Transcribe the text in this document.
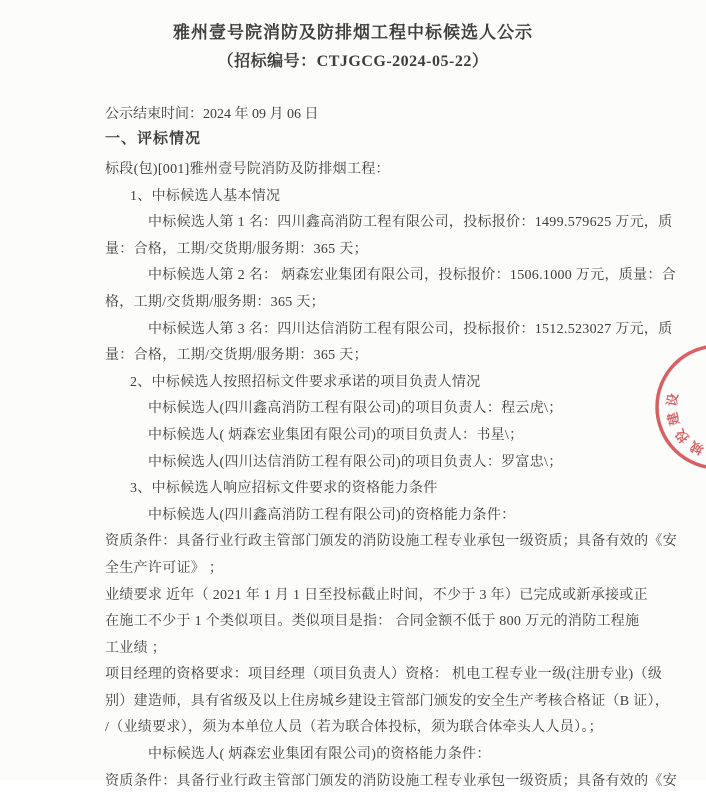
雅州壹号院消防及防排烟工程中标候选人公示
（招标编号：CTJGCG-2024-05-22）
公示结束时间：2024 年 09 月 06 日
一、评标情况
标段(包)[001]雅州壹号院消防及防排烟工程：
1、中标候选人基本情况
中标候选人第 1 名：四川鑫高消防工程有限公司，投标报价：1499.579625 万元，质
量：合格，工期/交货期/服务期：365 天；
中标候选人第 2 名： 炳森宏业集团有限公司，投标报价：1506.1000 万元，质量：合
格，工期/交货期/服务期：365 天；
中标候选人第 3 名：四川达信消防工程有限公司，投标报价：1512.523027 万元，质
量：合格，工期/交货期/服务期：365 天；
2、中标候选人按照招标文件要求承诺的项目负责人情况
中标候选人(四川鑫高消防工程有限公司)的项目负责人：程云虎\；
中标候选人( 炳森宏业集团有限公司)的项目负责人：书星\；
中标候选人(四川达信消防工程有限公司)的项目负责人：罗富忠\；
3、中标候选人响应招标文件要求的资格能力条件
中标候选人(四川鑫高消防工程有限公司)的资格能力条件：
资质条件：具备行业行政主管部门颁发的消防设施工程专业承包一级资质；具备有效的《安
全生产许可证》 ；
业绩要求 近年（ 2021 年 1 月 1 日至投标截止时间，不少于 3 年）已完成或新承接或正
在施工不少于 1 个类似项目。类似项目是指： 合同金额不低于 800 万元的消防工程施
工业绩 ；
项目经理的资格要求：项目经理（项目负责人）资格： 机电工程专业一级(注册专业)（级
别）建造师，具有省级及以上住房城乡建设主管部门颁发的安全生产考核合格证（B 证），
/（业绩要求），须为本单位人员（若为联合体投标，须为联合体牵头人人员）。；
中标候选人( 炳森宏业集团有限公司)的资格能力条件：
资质条件：具备行业行政主管部门颁发的消防设施工程专业承包一级资质；具备有效的《安
城
投
建
设
